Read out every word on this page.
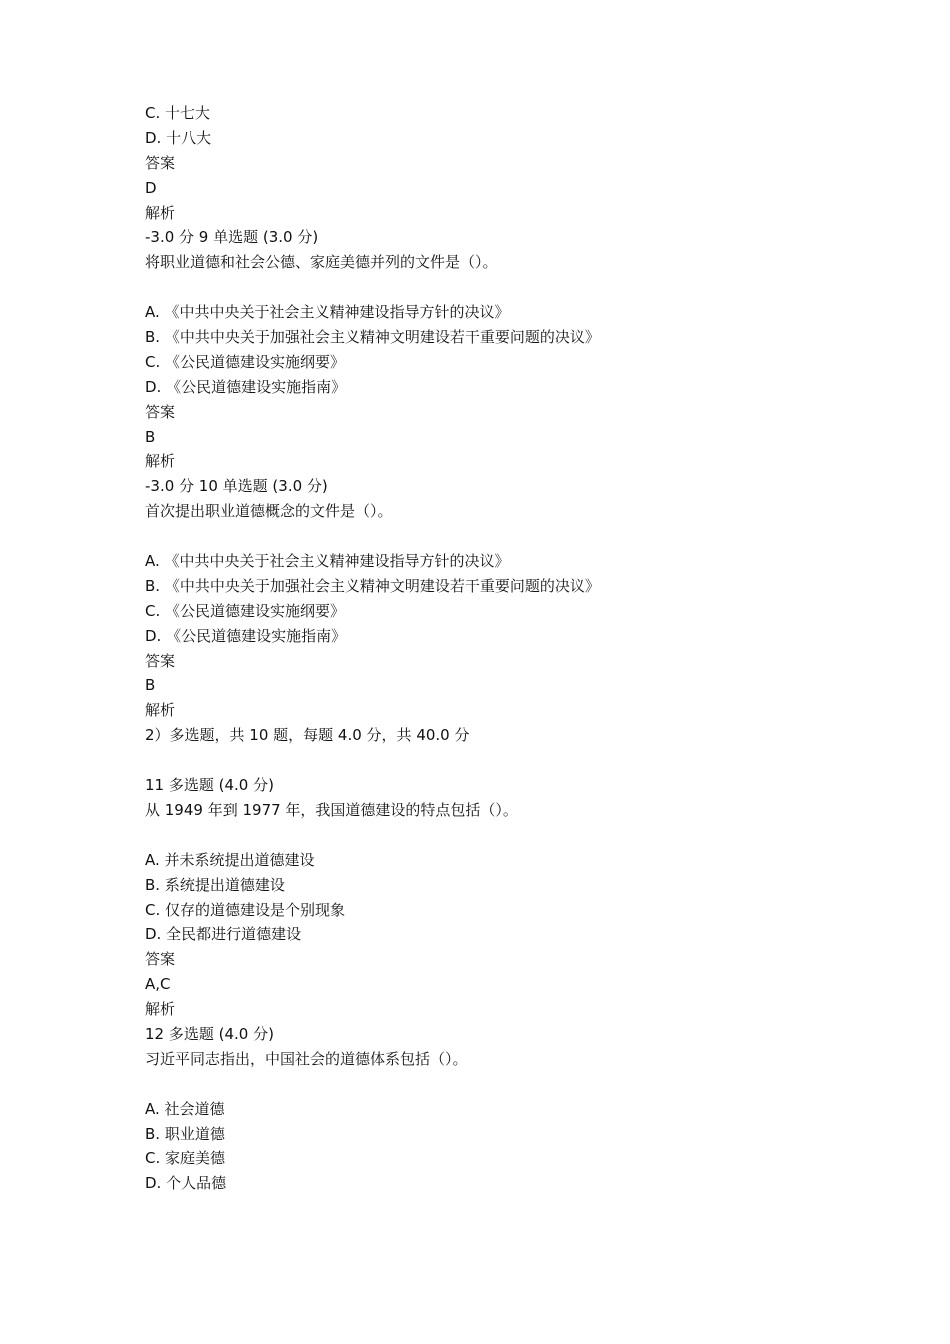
C. 十七大
D. 十八大
答案
D
解析
-3.0 分 9 单选题 (3.0 分)
将职业道德和社会公德、家庭美德并列的文件是（）。
A. 《中共中央关于社会主义精神建设指导方针的决议》
B. 《中共中央关于加强社会主义精神文明建设若干重要问题的决议》
C. 《公民道德建设实施纲要》
D. 《公民道德建设实施指南》
答案
B
解析
-3.0 分 10 单选题 (3.0 分)
首次提出职业道德概念的文件是（）。
A. 《中共中央关于社会主义精神建设指导方针的决议》
B. 《中共中央关于加强社会主义精神文明建设若干重要问题的决议》
C. 《公民道德建设实施纲要》
D. 《公民道德建设实施指南》
答案
B
解析
2）多选题，共 10 题，每题 4.0 分，共 40.0 分
11 多选题 (4.0 分)
从 1949 年到 1977 年，我国道德建设的特点包括（）。
A. 并未系统提出道德建设
B. 系统提出道德建设
C. 仅存的道德建设是个别现象
D. 全民都进行道德建设
答案
A,C
解析
12 多选题 (4.0 分)
习近平同志指出，中国社会的道德体系包括（）。
A. 社会道德
B. 职业道德
C. 家庭美德
D. 个人品德
